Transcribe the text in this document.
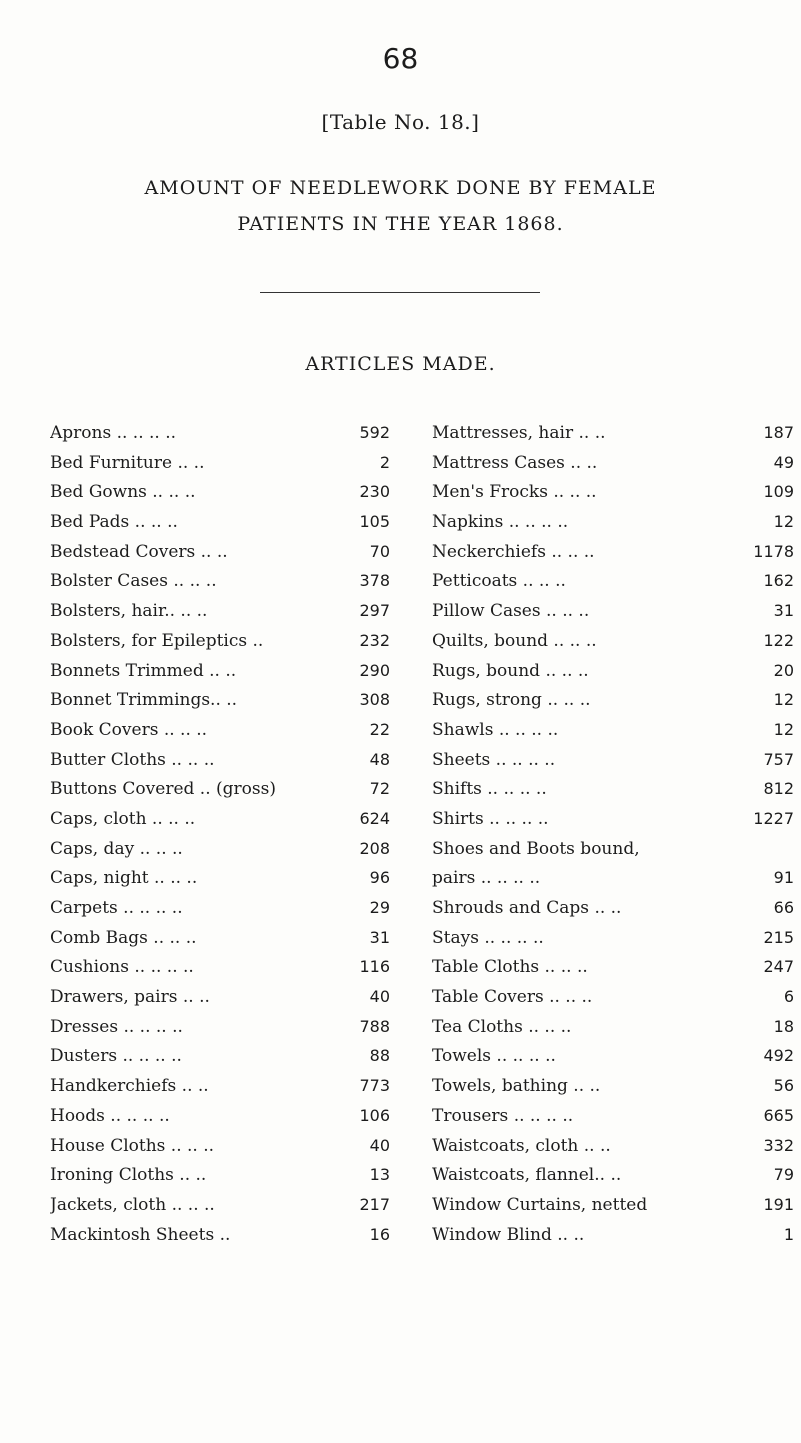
68
[Table No. 18.]
AMOUNT OF NEEDLEWORK DONE BY FEMALE
PATIENTS IN THE YEAR 1868.
ARTICLES MADE.
Aprons .. .. .. ..	592
Bed Furniture .. ..	2
Bed Gowns .. .. ..	230
Bed Pads .. .. ..	105
Bedstead Covers .. ..	70
Bolster Cases .. .. ..	378
Bolsters, hair.. .. ..	297
Bolsters, for Epileptics ..	232
Bonnets Trimmed .. ..	290
Bonnet Trimmings.. ..	308
Book Covers .. .. ..	22
Butter Cloths .. .. ..	48
Buttons Covered .. (gross)	72
Caps, cloth .. .. ..	624
Caps, day .. .. ..	208
Caps, night .. .. ..	96
Carpets .. .. .. ..	29
Comb Bags .. .. ..	31
Cushions .. .. .. ..	116
Drawers, pairs .. ..	40
Dresses .. .. .. ..	788
Dusters .. .. .. ..	88
Handkerchiefs .. ..	773
Hoods .. .. .. ..	106
House Cloths .. .. ..	40
Ironing Cloths .. ..	13
Jackets, cloth .. .. ..	217
Mackintosh Sheets ..	16
Mattresses, hair .. ..	187
Mattress Cases .. ..	49
Men's Frocks .. .. ..	109
Napkins .. .. .. ..	12
Neckerchiefs .. .. ..	1178
Petticoats .. .. ..	162
Pillow Cases .. .. ..	31
Quilts, bound .. .. ..	122
Rugs, bound .. .. ..	20
Rugs, strong .. .. ..	12
Shawls .. .. .. ..	12
Sheets .. .. .. ..	757
Shifts .. .. .. ..	812
Shirts .. .. .. ..	1227
Shoes and Boots bound,
pairs .. .. .. ..	91
Shrouds and Caps .. ..	66
Stays .. .. .. ..	215
Table Cloths .. .. ..	247
Table Covers .. .. ..	6
Tea Cloths .. .. ..	18
Towels .. .. .. ..	492
Towels, bathing .. ..	56
Trousers .. .. .. ..	665
Waistcoats, cloth .. ..	332
Waistcoats, flannel.. ..	79
Window Curtains, netted	191
Window Blind .. ..	1
